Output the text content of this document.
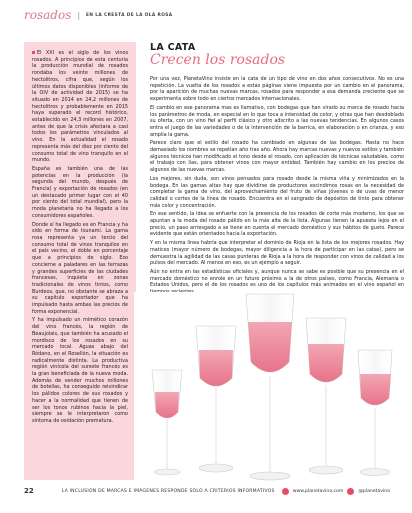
rosados | EN LA CRESTA DE LA OLA ROSA

El XXI es el siglo de los vinos rosados. A principios de esta centuria la producción mundial de rosados rondaba los veinte millones de hectolitros, cifra que, según los últimos datos disponibles (informe de la OIV de actividad de 2015) se ha situado en 2014 en 24,2 millones de hectolitros y probablemente en 2015 haya superado el record histórico, establecido en 24,3 millones en 2007, antes de que la crisis afectara a casi todos los parámetros vinculados al vino. En la actualidad el rosado representa más del diez por ciento del consumo total de vino tranquilo en el mundo.

España es también una de las potencias en la producción (la segunda del mundo, después de Francia) y exportación de rosados (en un destacado primer lugar con el 40 por ciento del total mundial), pero la moda planetaria no ha llegado a los consumidores españoles.

Donde sí ha llegado es en Francia y ha sido en forma de tsunami. La gama rosa representa ya un tercio del consumo total de vinos tranquilos en el país vecino, el doble en porcentaje que a principios de siglo. Eso concierne a paladares en las terrazas y grandes superficies de las ciudades francesas, inquieta en zonas tradicionales de vinos tintos, como Burdeos, que, no obstante se abraza a su capítulo exportador que ha impulsado hasta ambas las precios de forma exponencial.

Y ha impulsado un mimético corazón del vino francés, la región de Beaujolais, que también ha acusado el mordisco de los rosados en su mercado local. Aguas abajo del Ródano, en el Rosellón, la situación es radicalmente distinta. La productiva región vinícola del sureste francés es la gran beneficiada de la nueva moda. Además de vender muchos millones de botellas, ha conseguido reivindicar los pálidos colores de sus rosados y hacer a la normalidad que tienen de ser los tonos rubinos hacia la piel, siempre se le interpretaron como síntoma de oxidación prematura.

LA CATA
Crecen los rosados

Por una vez, PlanetaVino insiste en la cata de un tipo de vino en dos años consecutivos. No es una repetición. La vuelta de los rosados a estas páginas viene impuesta por un cambio en el panorama, por la aparición de muchas nuevas marcas, rosados para responder a esa demanda creciente que se experimenta sobre todo en ciertos mercados internacionales.

El cambio en ese panorama mas es llamativo, con bodegas que han virado su marca de rosado hacia los parámetros de moda, en especial en lo que toca a intensidad de color, y otras que han desdoblado su oferta, con un vino fiel al perfil clásico y otro adscrito a las nuevas tendencias. En algunos casos entra el juego de las variedades o de la intervención de la barrica, en elaboración o en crianza, y eso amplía la gama.

Parece claro que el estilo del rosado ha cambiado en algunas de las bodegas. Hasta no hace demasiado los nombres se repetían año tras año. Ahora hay marcas nuevas y nuevos estilos y también algunos técnicos han modificado el tono desde el rosado, con aplicación de técnicas saludables, como el trabajo con lías, para obtener vinos con mayor entidad. También hay cambio en los precios de algunos de las nuevas marcas.

Los mejores, sin duda, son vinos pensados para rosado desde la misma viña y minimizados en la bodega. En las gamas altas hay que dividirse de productores escindimos rosas en la necesidad de completar la gama de vino, del aprovechamiento del fruto de viñas jóvenes o de uvas de menor calidad o cortes de la línea de rosado. Encuentra en el sangrado de depósitos de tinto para obtener más color y concentración.

En ese sentido, la idea se enfuerte con la presencia de los rosados de corte más moderno, los que se apuntan a la moda del rosado pálido en la más alta de la lista. Algunas tienen la apuesta lejos en el precio, un paso arriesgado a se tiene en cuenta el mercado doméstico y sus hábitos de gusto. Parece evidente que están orientados hacia la exportación.

Y en la misma línea habría que interpretar el dominio de Rioja en la lista de los mejores rosados. Hay matices (mayor número de bodegas, mayor diligencia a la hora de participar en las catas), pero se demuestra la agilidad de las casas punteras de Rioja a la hora de responder con vinos de calidad a los pulsos del mercado. Al menos en eso, es un ejemplo a seguir.

Aún no entra en las estadísticas oficiales y, aunque nunca se sabe es posible que su presencia en el mercado doméstico no enrole en un futuro próximo a la de otros países, como Francia, Alemania o Estados Unidos, pero el de los rosados es uno de los capítulos más animados en el vino español en

22	LA INCLUSIÓN DE MARCAS E IMÁGENES RESPONDE SÓLO A CRITERIOS INFORMATIVOS	www.planetavino.com	@planetavino
